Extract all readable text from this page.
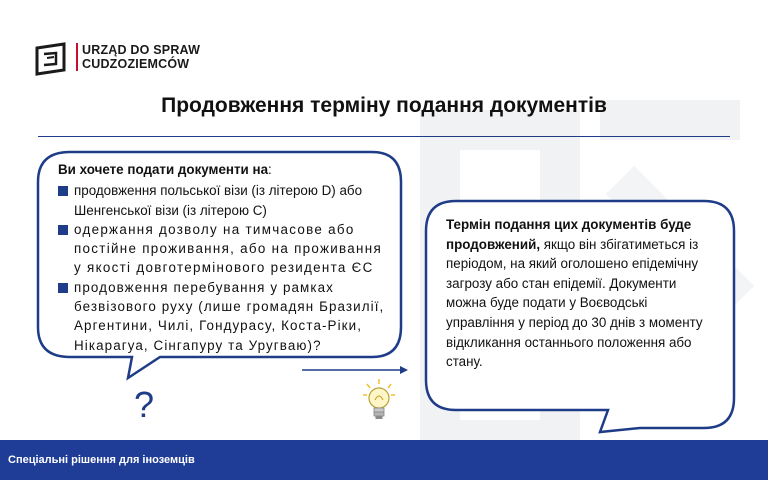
URZĄD DO SPRAW
CUDZOZIEMCÓW
Продовження терміну подання документів
Ви хочете подати документи на:
продовження польської візи (із літерою D) або Шенгенської візи (із літерою С)
одержання дозволу на тимчасове або постійне проживання, або на проживання у якості довготермінового резидента ЄС
продовження перебування у рамках безвізового руху (лише громадян Бразилії, Аргентини, Чилі, Гондурасу, Коста-Ріки, Нікарагуа, Сінгапуру та Уругваю)?
Термін подання цих документів буде продовжений, якщо він збігатиметься із періодом, на який оголошено епідемічну загрозу або стан епідемії. Документи можна буде подати у Воєводські управління у період до 30 днів з моменту відкликання останнього положення або стану.
?
Спеціальні рішення для іноземців
